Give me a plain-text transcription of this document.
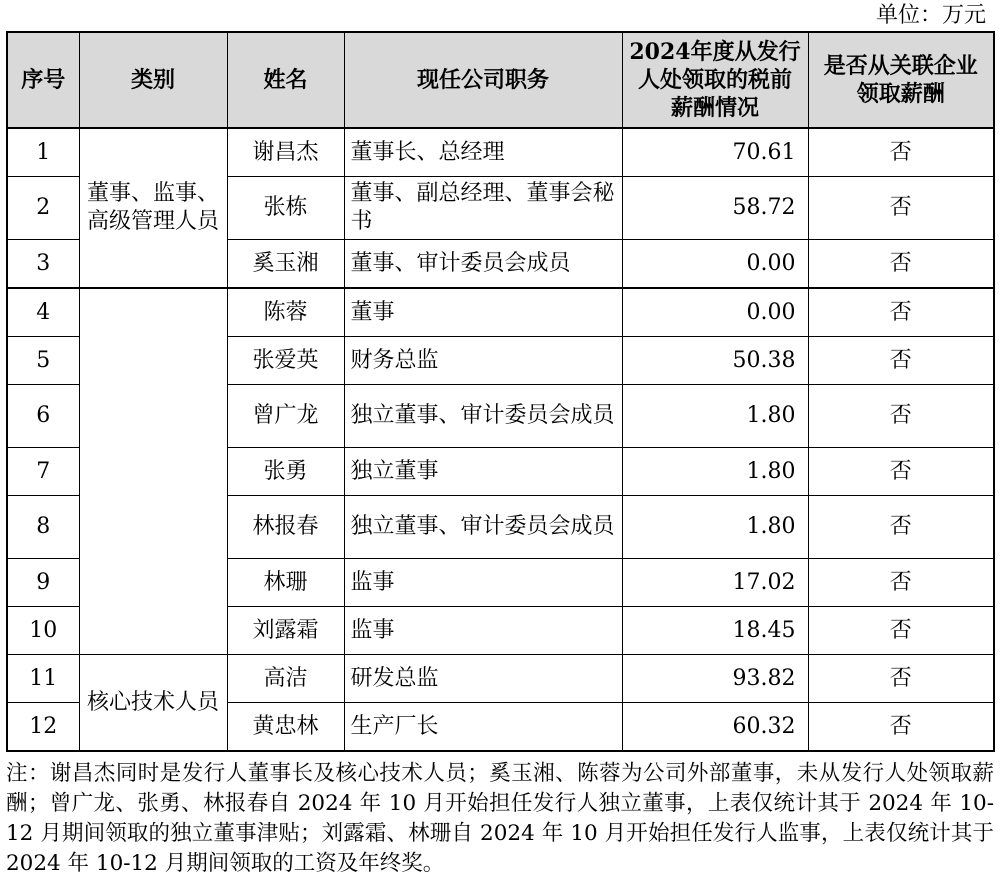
单位：万元
序号	类别	姓名	现任公司职务	2024年度从发行人处领取的税前薪酬情况	是否从关联企业领取薪酬
1	董事、监事、高级管理人员	谢昌杰	董事长、总经理	70.61	否
2		张栋	董事、副总经理、董事会秘书	58.72	否
3		奚玉湘	董事、审计委员会成员	0.00	否
4		陈蓉	董事	0.00	否
5		张爱英	财务总监	50.38	否
6		曾广龙	独立董事、审计委员会成员	1.80	否
7		张勇	独立董事	1.80	否
8		林报春	独立董事、审计委员会成员	1.80	否
9		林珊	监事	17.02	否
10		刘露霜	监事	18.45	否
11	核心技术人员	高洁	研发总监	93.82	否
12		黄忠林	生产厂长	60.32	否
注：谢昌杰同时是发行人董事长及核心技术人员；奚玉湘、陈蓉为公司外部董事，未从发行人处领取薪酬；曾广龙、张勇、林报春自 2024 年 10 月开始担任发行人独立董事，上表仅统计其于 2024 年 10-12 月期间领取的独立董事津贴；刘露霜、林珊自 2024 年 10 月开始担任发行人监事，上表仅统计其于 2024 年 10-12 月期间领取的工资及年终奖。
